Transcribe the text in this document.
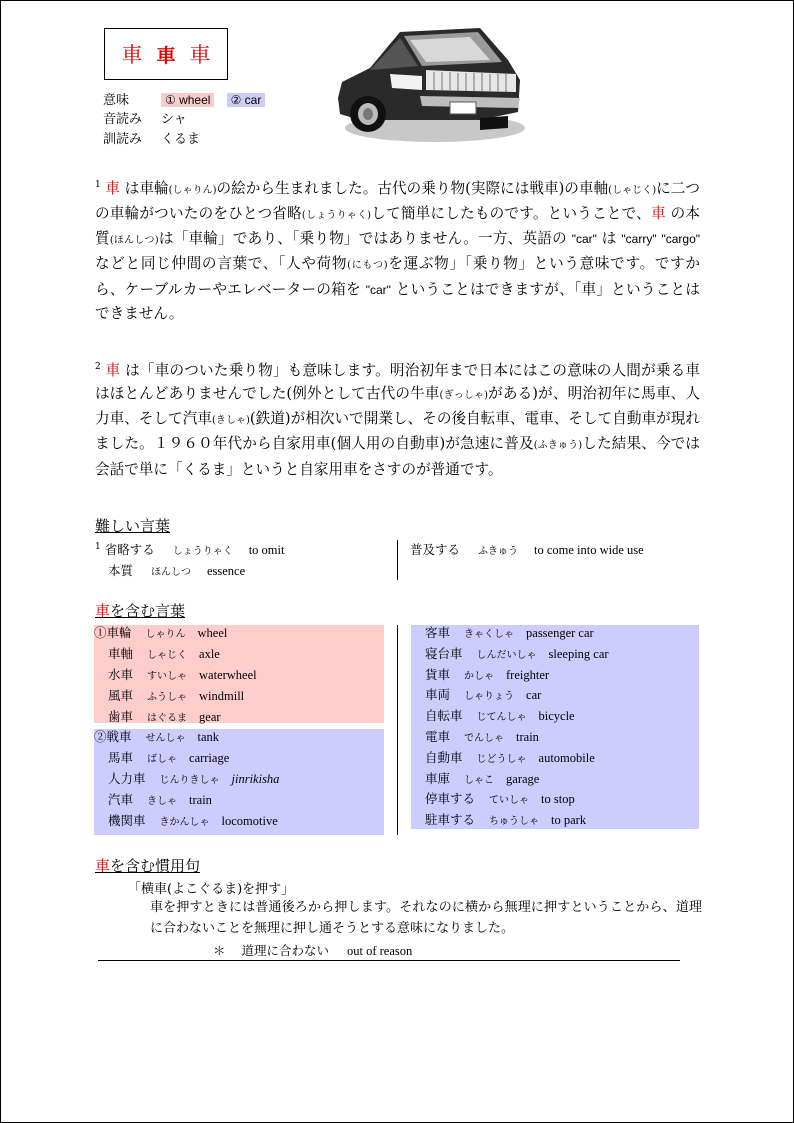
車 車 車
意味	① wheel ② car
音読み シャ
訓読み くるま
$^1$ 車 は車輪(しゃりん)の絵から生まれました。古代の乗り物(実際には戦車)の車軸(しゃじく)に二つの車輪がついたのをひとつ省略(しょうりゃく)して簡単にしたものです。ということで、車 の本質(ほんしつ)は「車輪」であり、「乗り物」ではありません。一方、英語の "car" は "carry" "cargo" などと同じ仲間の言葉で、「人や荷物(にもつ)を運ぶ物」「乗り物」という意味です。ですから、ケーブルカーやエレベーターの箱を "car" ということはできますが、「車」ということはできません。
$^2$ 車 は「車のついた乗り物」も意味します。明治初年まで日本にはこの意味の人間が乗る車はほとんどありませんでした(例外として古代の牛車(ぎっしゃ)がある)が、明治初年に馬車、人力車、そして汽車(きしゃ)(鉄道)が相次いで開業し、その後自転車、電車、そして自動車が現れました。１９６０年代から自家用車(個人用の自動車)が急速に普及(ふきゅう)した結果、今では会話で単に「くるま」というと自家用車をさすのが普通です。
難しい言葉
$^1$ 省略する しょうりゃく to omit
本質 ほんしつ essence
普及する ふきゅう to come into wide use
車を含む言葉
①車輪 しゃりん wheel
車軸 しゃじく axle
水車 すいしゃ waterwheel
風車 ふうしゃ windmill
歯車 はぐるま gear
②戦車 せんしゃ tank
馬車 ばしゃ carriage
人力車 じんりきしゃ jinrikisha
汽車 きしゃ train
機関車 きかんしゃ locomotive
客車 きゃくしゃ passenger car
寝台車 しんだいしゃ sleeping car
貨車 かしゃ freighter
車両 しゃりょう car
自転車 じてんしゃ bicycle
電車 でんしゃ train
自動車 じどうしゃ automobile
車庫 しゃこ garage
停車する ていしゃ to stop
駐車する ちゅうしゃ to park
車を含む慣用句
「横車(よこぐるま)を押す」
車を押すときには普通後ろから押します。それなのに横から無理に押すということから、道理に合わないことを無理に押し通そうとする意味になりました。
＊ 道理に合わない out of reason
